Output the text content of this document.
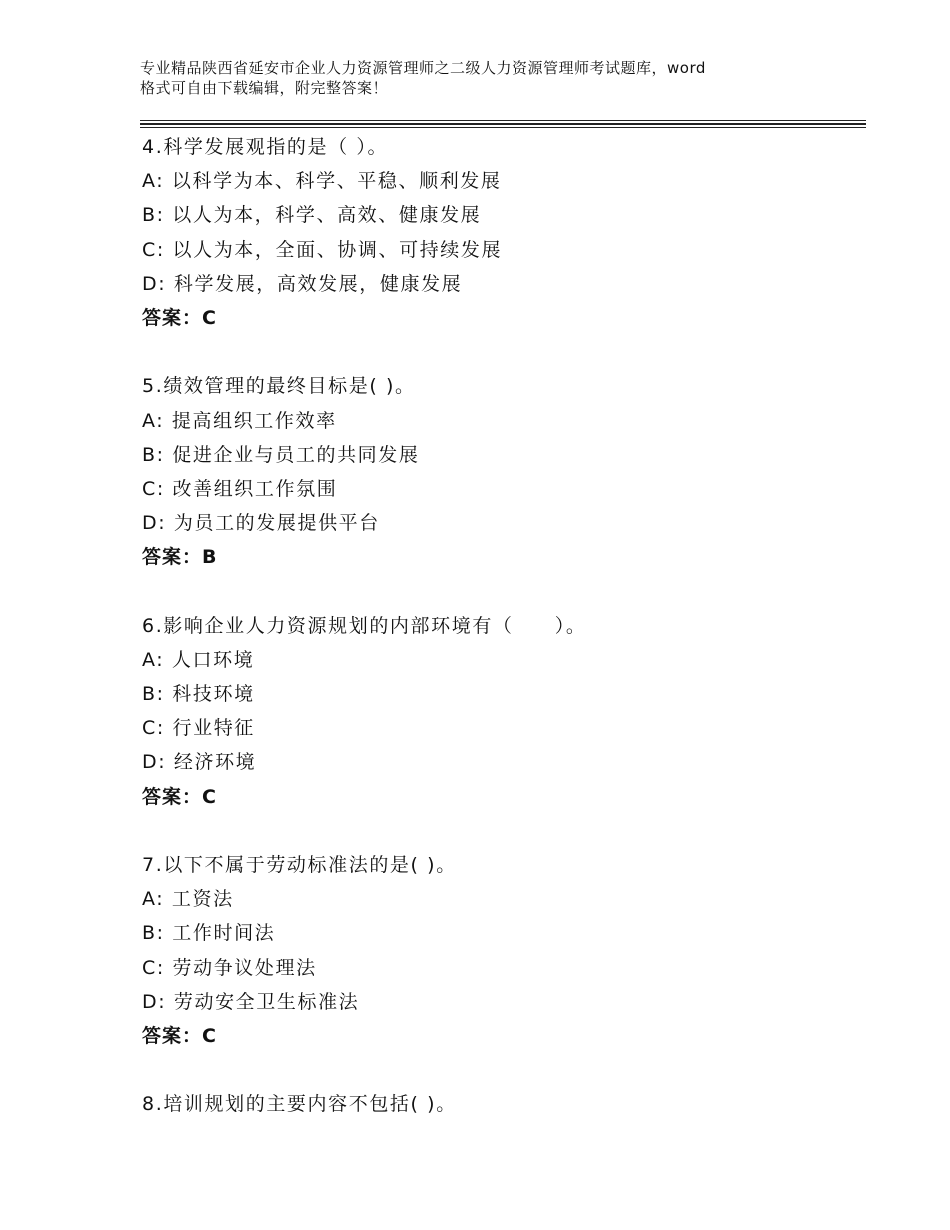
专业精品陕西省延安市企业人力资源管理师之二级人力资源管理师考试题库，word
格式可自由下载编辑，附完整答案！
4.科学发展观指的是（ ）。
A: 以科学为本、科学、平稳、顺利发展
B: 以人为本，科学、高效、健康发展
C: 以人为本，全面、协调、可持续发展
D: 科学发展，高效发展，健康发展
答案：C
5.绩效管理的最终目标是( )。
A: 提高组织工作效率
B: 促进企业与员工的共同发展
C: 改善组织工作氛围
D: 为员工的发展提供平台
答案：B
6.影响企业人力资源规划的内部环境有（　　）。
A: 人口环境
B: 科技环境
C: 行业特征
D: 经济环境
答案：C
7.以下不属于劳动标准法的是( )。
A: 工资法
B: 工作时间法
C: 劳动争议处理法
D: 劳动安全卫生标准法
答案：C
8.培训规划的主要内容不包括( )。
